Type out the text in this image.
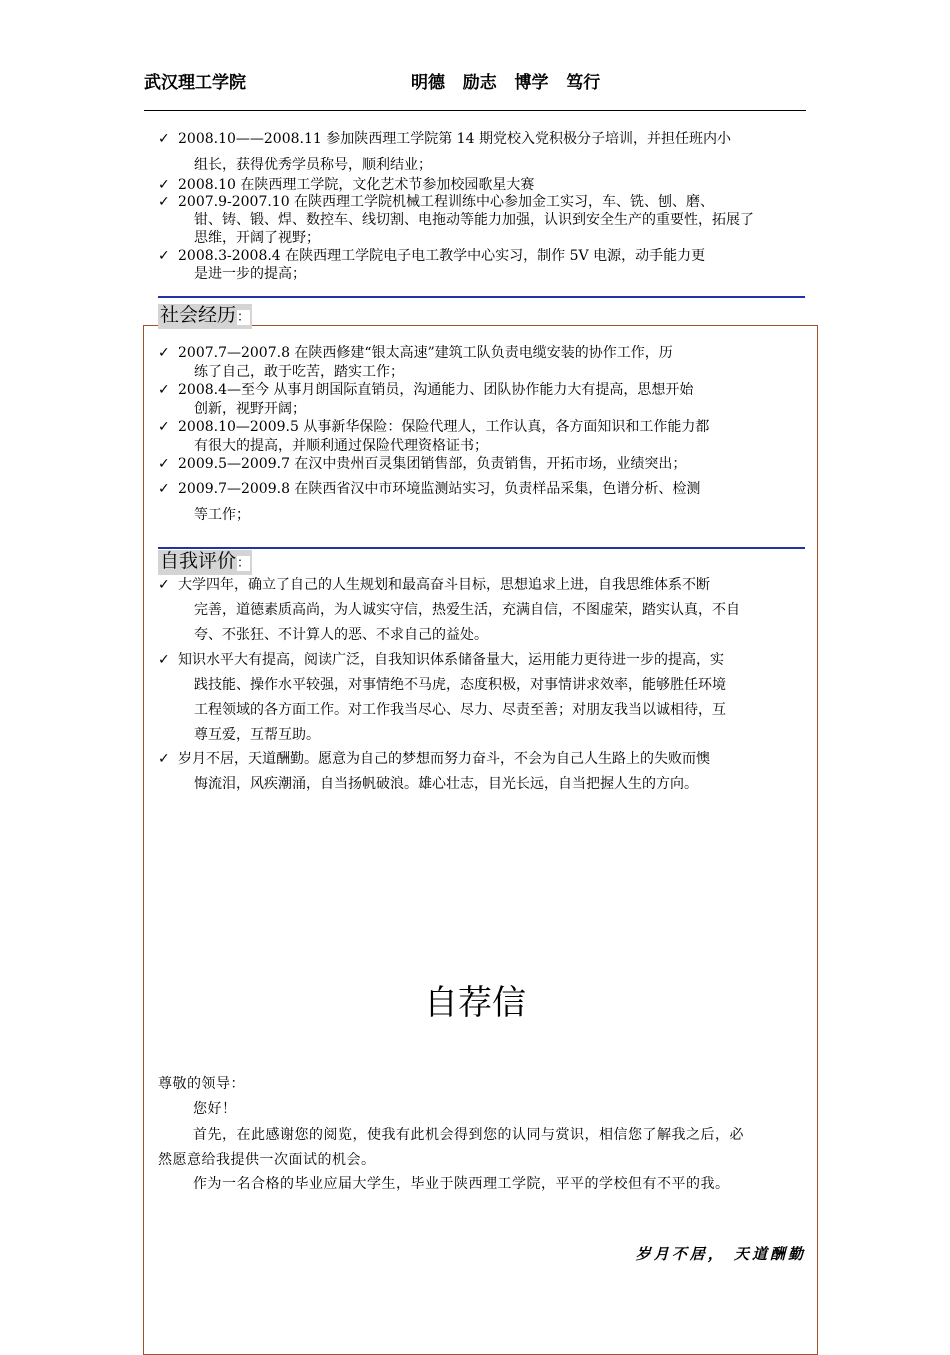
武汉理工学院	明德   励志   博学   笃行
✓ 2008.10——2008.11 参加陕西理工学院第 14 期党校入党积极分子培训，并担任班内小
组长，获得优秀学员称号，顺利结业；
✓ 2008.10 在陕西理工学院，文化艺术节参加校园歌星大赛
✓ 2007.9-2007.10 在陕西理工学院机械工程训练中心参加金工实习，车、铣、刨、磨、
钳、铸、锻、焊、数控车、线切割、电拖动等能力加强，认识到安全生产的重要性，拓展了
思维，开阔了视野；
✓ 2008.3-2008.4 在陕西理工学院电子电工教学中心实习，制作 5V 电源，动手能力更
是进一步的提高；
社会经历：
✓ 2007.7—2007.8 在陕西修建“银太高速”建筑工队负责电缆安装的协作工作，历
练了自己，敢于吃苦，踏实工作；
✓ 2008.4—至今 从事月朗国际直销员，沟通能力、团队协作能力大有提高，思想开始
创新，视野开阔；
✓ 2008.10—2009.5 从事新华保险：保险代理人，工作认真，各方面知识和工作能力都
有很大的提高，并顺利通过保险代理资格证书；
✓ 2009.5—2009.7 在汉中贵州百灵集团销售部，负责销售，开拓市场，业绩突出；
✓ 2009.7—2009.8 在陕西省汉中市环境监测站实习，负责样品采集，色谱分析、检测
等工作；
自我评价：
✓ 大学四年，确立了自己的人生规划和最高奋斗目标，思想追求上进，自我思维体系不断
完善，道德素质高尚，为人诚实守信，热爱生活，充满自信，不图虚荣，踏实认真，不自
夸、不张狂、不计算人的恶、不求自己的益处。
✓ 知识水平大有提高，阅读广泛，自我知识体系储备量大，运用能力更待进一步的提高，实
践技能、操作水平较强，对事情绝不马虎，态度积极，对事情讲求效率，能够胜任环境
工程领域的各方面工作。对工作我当尽心、尽力、尽责至善；对朋友我当以诚相待，互
尊互爱，互帮互助。
✓ 岁月不居，天道酬勤。愿意为自己的梦想而努力奋斗，不会为自己人生路上的失败而懊
悔流泪，风疾潮涌，自当扬帆破浪。雄心壮志，目光长远，自当把握人生的方向。
自荐信
尊敬的领导：
您好！
首先，在此感谢您的阅览，使我有此机会得到您的认同与赏识，相信您了解我之后，必
然愿意给我提供一次面试的机会。
作为一名合格的毕业应届大学生，毕业于陕西理工学院，平平的学校但有不平的我。
岁月不居， 天道酬勤
